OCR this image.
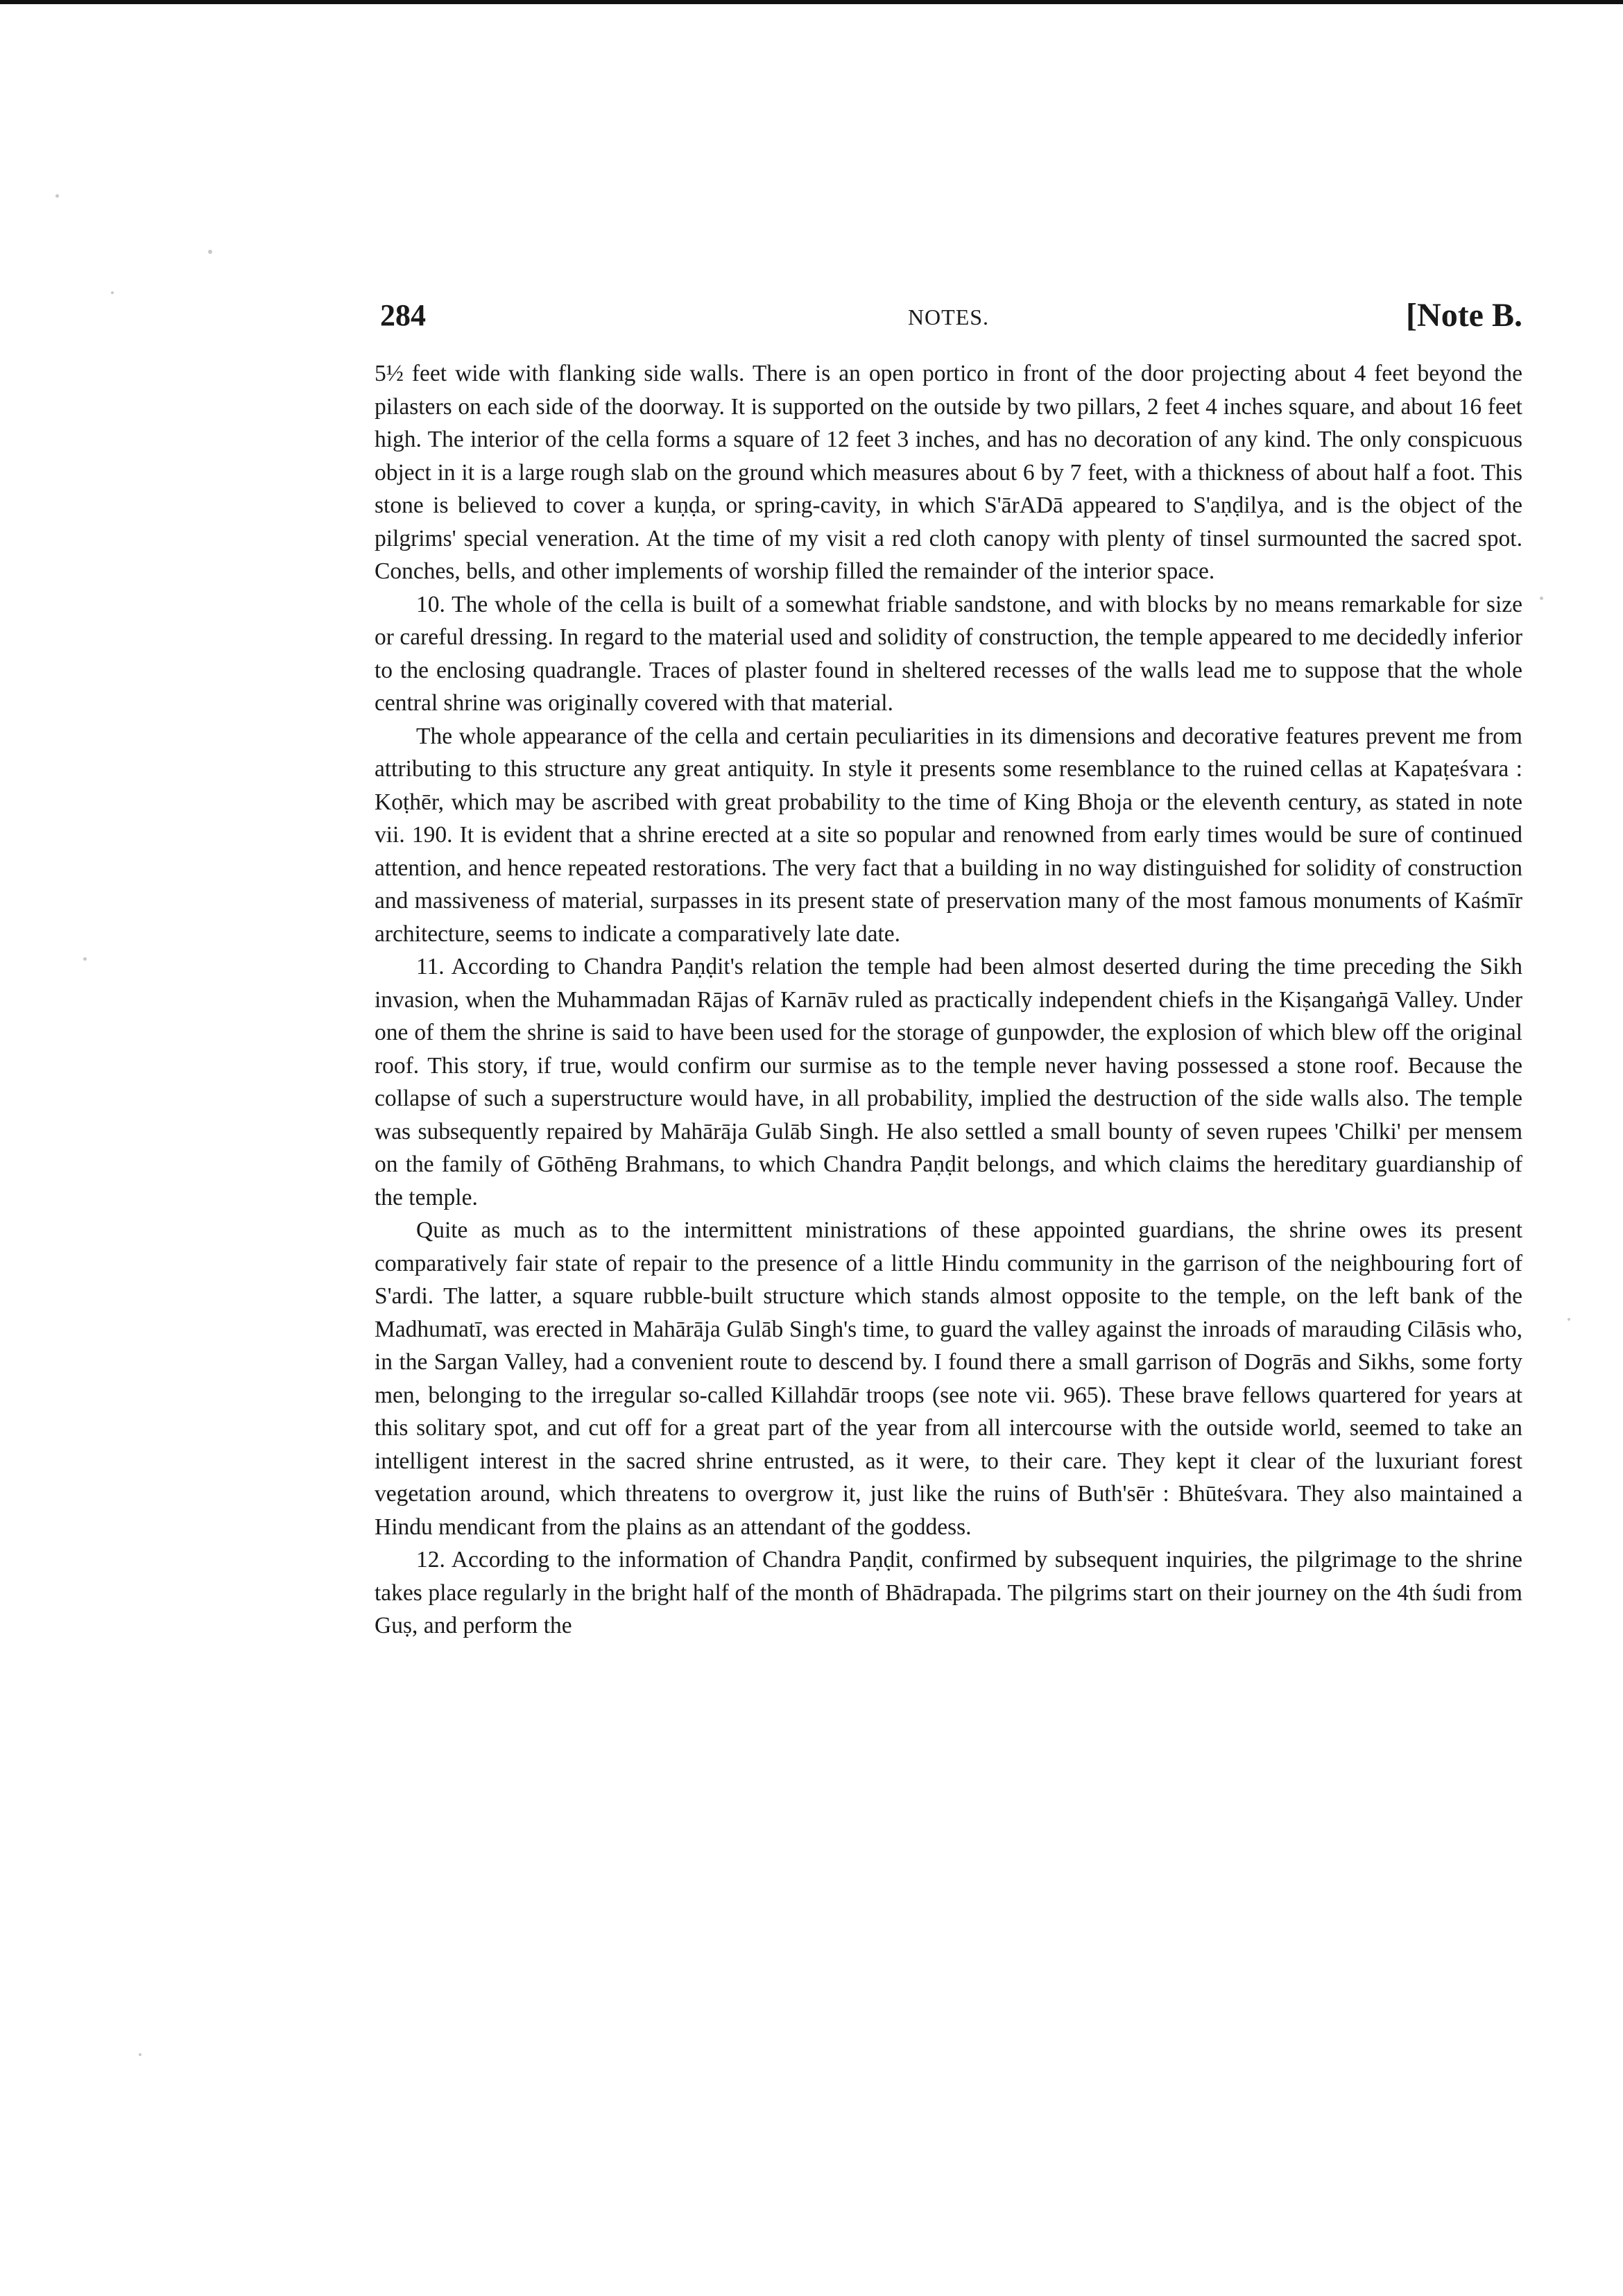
284	NOTES.	[Note B.

5½ feet wide with flanking side walls. There is an open portico in front of the door projecting about 4 feet beyond the pilasters on each side of the doorway. It is supported on the outside by two pillars, 2 feet 4 inches square, and about 16 feet high. The interior of the cella forms a square of 12 feet 3 inches, and has no decoration of any kind. The only conspicuous object in it is a large rough slab on the ground which measures about 6 by 7 feet, with a thickness of about half a foot. This stone is believed to cover a kuṇḍa, or spring-cavity, in which S'ārADā appeared to S'aṇḍilya, and is the object of the pilgrims' special veneration. At the time of my visit a red cloth canopy with plenty of tinsel surmounted the sacred spot. Conches, bells, and other implements of worship filled the remainder of the interior space.

10. The whole of the cella is built of a somewhat friable sandstone, and with blocks by no means remarkable for size or careful dressing. In regard to the material used and solidity of construction, the temple appeared to me decidedly inferior to the enclosing quadrangle. Traces of plaster found in sheltered recesses of the walls lead me to suppose that the whole central shrine was originally covered with that material.

The whole appearance of the cella and certain peculiarities in its dimensions and decorative features prevent me from attributing to this structure any great antiquity. In style it presents some resemblance to the ruined cellas at Kapaṭeśvara : Koṭhēr, which may be ascribed with great probability to the time of King Bhoja or the eleventh century, as stated in note vii. 190. It is evident that a shrine erected at a site so popular and renowned from early times would be sure of continued attention, and hence repeated restorations. The very fact that a building in no way distinguished for solidity of construction and massiveness of material, surpasses in its present state of preservation many of the most famous monuments of Kaśmīr architecture, seems to indicate a comparatively late date.

11. According to Chandra Paṇḍit's relation the temple had been almost deserted during the time preceding the Sikh invasion, when the Muhammadan Rājas of Karnāv ruled as practically independent chiefs in the Kiṣangaṅgā Valley. Under one of them the shrine is said to have been used for the storage of gunpowder, the explosion of which blew off the original roof. This story, if true, would confirm our surmise as to the temple never having possessed a stone roof. Because the collapse of such a superstructure would have, in all probability, implied the destruction of the side walls also. The temple was subsequently repaired by Mahārāja Gulāb Singh. He also settled a small bounty of seven rupees 'Chilki' per mensem on the family of Gōthēng Brahmans, to which Chandra Paṇḍit belongs, and which claims the hereditary guardianship of the temple.

Quite as much as to the intermittent ministrations of these appointed guardians, the shrine owes its present comparatively fair state of repair to the presence of a little Hindu community in the garrison of the neighbouring fort of S'ardi. The latter, a square rubble-built structure which stands almost opposite to the temple, on the left bank of the Madhumatī, was erected in Mahārāja Gulāb Singh's time, to guard the valley against the inroads of marauding Cilāsis who, in the Sargan Valley, had a convenient route to descend by. I found there a small garrison of Dogrās and Sikhs, some forty men, belonging to the irregular so-called Killahdār troops (see note vii. 965). These brave fellows quartered for years at this solitary spot, and cut off for a great part of the year from all intercourse with the outside world, seemed to take an intelligent interest in the sacred shrine entrusted, as it were, to their care. They kept it clear of the luxuriant forest vegetation around, which threatens to overgrow it, just like the ruins of Buth'sēr : Bhūteśvara. They also maintained a Hindu mendicant from the plains as an attendant of the goddess.

12. According to the information of Chandra Paṇḍit, confirmed by subsequent inquiries, the pilgrimage to the shrine takes place regularly in the bright half of the month of Bhādrapada. The pilgrims start on their journey on the 4th śudi from Guṣ, and perform the
